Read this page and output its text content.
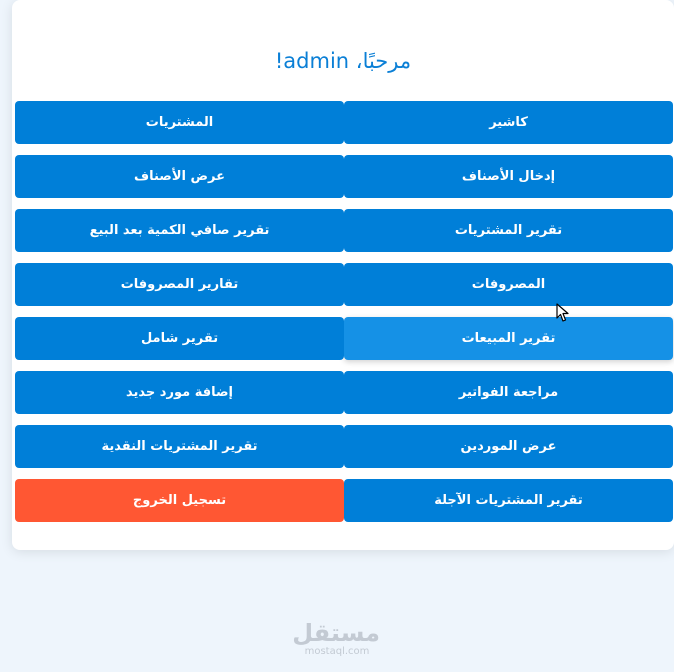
مرحبًا، admin!
كاشير
المشتريات
إدخال الأصناف
عرض الأصناف
تقرير المشتريات
تقرير صافي الكمية بعد البيع
المصروفات
تقارير المصروفات
تقرير المبيعات
تقرير شامل
مراجعة الفواتير
إضافة مورد جديد
عرض الموردين
تقرير المشتريات النقدية
تقرير المشتريات الآجلة
تسجيل الخروج
مستقل
mostaql.com
